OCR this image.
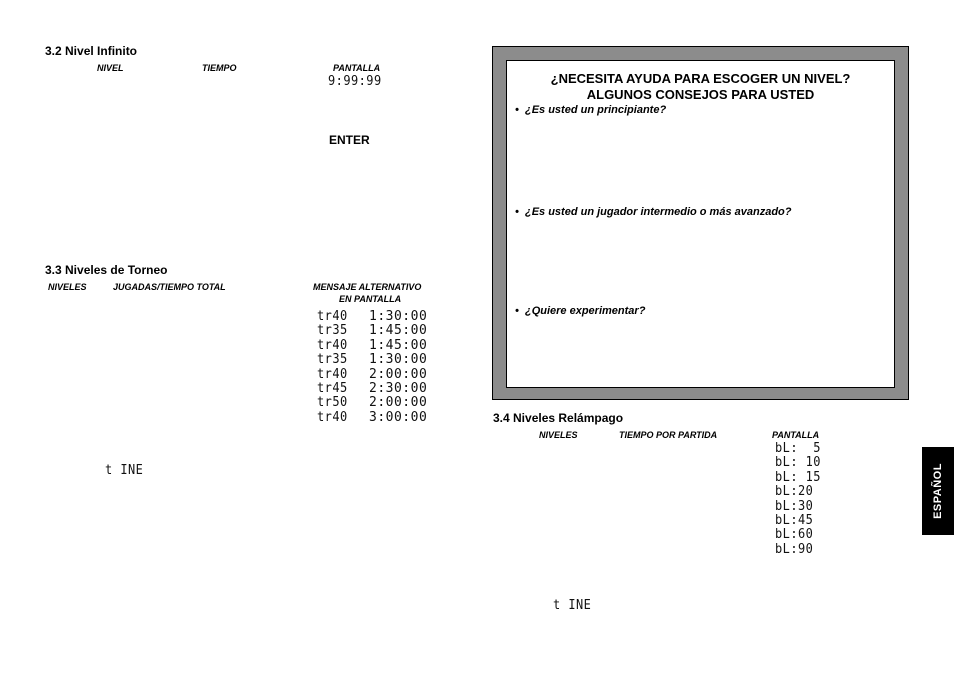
3.2 Nivel Infinito
NIVEL	TIEMPO	PANTALLA
9:99:99
ENTER
3.3 Niveles de Torneo
NIVELES	JUGADAS/TIEMPO TOTAL	MENSAJE ALTERNATIVO
EN PANTALLA
tr40 1:30:00
tr35 1:45:00
tr40 1:45:00
tr35 1:30:00
tr40 2:00:00
tr45 2:30:00
tr50 2:00:00
tr40 3:00:00
t INE
¿NECESITA AYUDA PARA ESCOGER UN NIVEL?
ALGUNOS CONSEJOS PARA USTED
• ¿Es usted un principiante?
• ¿Es usted un jugador intermedio o más avanzado?
• ¿Quiere experimentar?
3.4 Niveles Relámpago
NIVELES	TIEMPO POR PARTIDA	PANTALLA
bL:  5
bL: 10
bL: 15
bL:20
bL:30
bL:45
bL:60
bL:90
t INE
ESPAÑOL
